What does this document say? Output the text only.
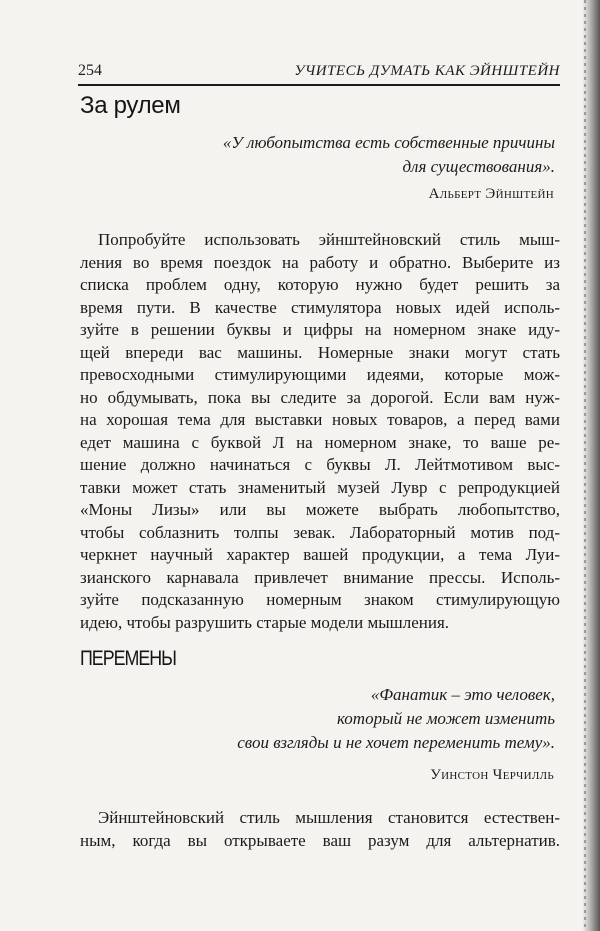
254	УЧИТЕСЬ ДУМАТЬ КАК ЭЙНШТЕЙН
За рулем
«У любопытства есть собственные причины
для существования».
Альберт Эйнштейн
Попробуйте использовать эйнштейновский стиль мыш-
ления во время поездок на работу и обратно. Выберите из
списка проблем одну, которую нужно будет решить за
время пути. В качестве стимулятора новых идей исполь-
зуйте в решении буквы и цифры на номерном знаке иду-
щей впереди вас машины. Номерные знаки могут стать
превосходными стимулирующими идеями, которые мож-
но обдумывать, пока вы следите за дорогой. Если вам нуж-
на хорошая тема для выставки новых товаров, а перед вами
едет машина с буквой Л на номерном знаке, то ваше ре-
шение должно начинаться с буквы Л. Лейтмотивом выс-
тавки может стать знаменитый музей Лувр с репродукцией
«Моны Лизы» или вы можете выбрать любопытство,
чтобы соблазнить толпы зевак. Лабораторный мотив под-
черкнет научный характер вашей продукции, а тема Луи-
зианского карнавала привлечет внимание прессы. Исполь-
зуйте подсказанную номерным знаком стимулирующую
идею, чтобы разрушить старые модели мышления.
ПЕРЕМЕНЫ
«Фанатик – это человек,
который не может изменить
свои взгляды и не хочет переменить тему».
Уинстон Черчилль
Эйнштейновский стиль мышления становится естествен-
ным, когда вы открываете ваш разум для альтернатив.
